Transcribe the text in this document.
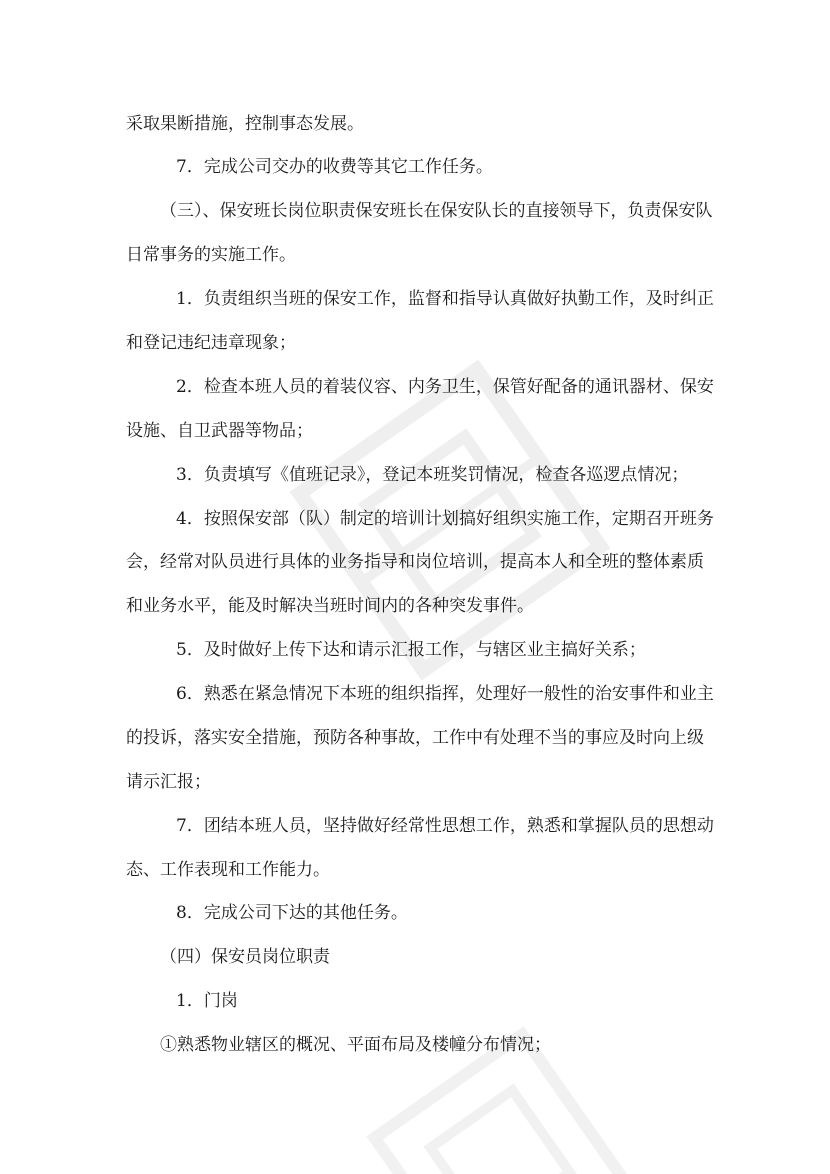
采取果断措施，控制事态发展。

7．完成公司交办的收费等其它工作任务。

（三）、保安班长岗位职责保安班长在保安队长的直接领导下，负责保安队

日常事务的实施工作。

1．负责组织当班的保安工作，监督和指导认真做好执勤工作，及时纠正

和登记违纪违章现象；

2．检查本班人员的着装仪容、内务卫生，保管好配备的通讯器材、保安

设施、自卫武器等物品；

3．负责填写《值班记录》，登记本班奖罚情况，检查各巡逻点情况；

4．按照保安部（队）制定的培训计划搞好组织实施工作，定期召开班务

会，经常对队员进行具体的业务指导和岗位培训，提高本人和全班的整体素质

和业务水平，能及时解决当班时间内的各种突发事件。

5．及时做好上传下达和请示汇报工作，与辖区业主搞好关系；

6．熟悉在紧急情况下本班的组织指挥，处理好一般性的治安事件和业主

的投诉，落实安全措施，预防各种事故，工作中有处理不当的事应及时向上级

请示汇报；

7．团结本班人员，坚持做好经常性思想工作，熟悉和掌握队员的思想动

态、工作表现和工作能力。

8．完成公司下达的其他任务。

（四）保安员岗位职责

1．门岗

①熟悉物业辖区的概况、平面布局及楼幢分布情况；
